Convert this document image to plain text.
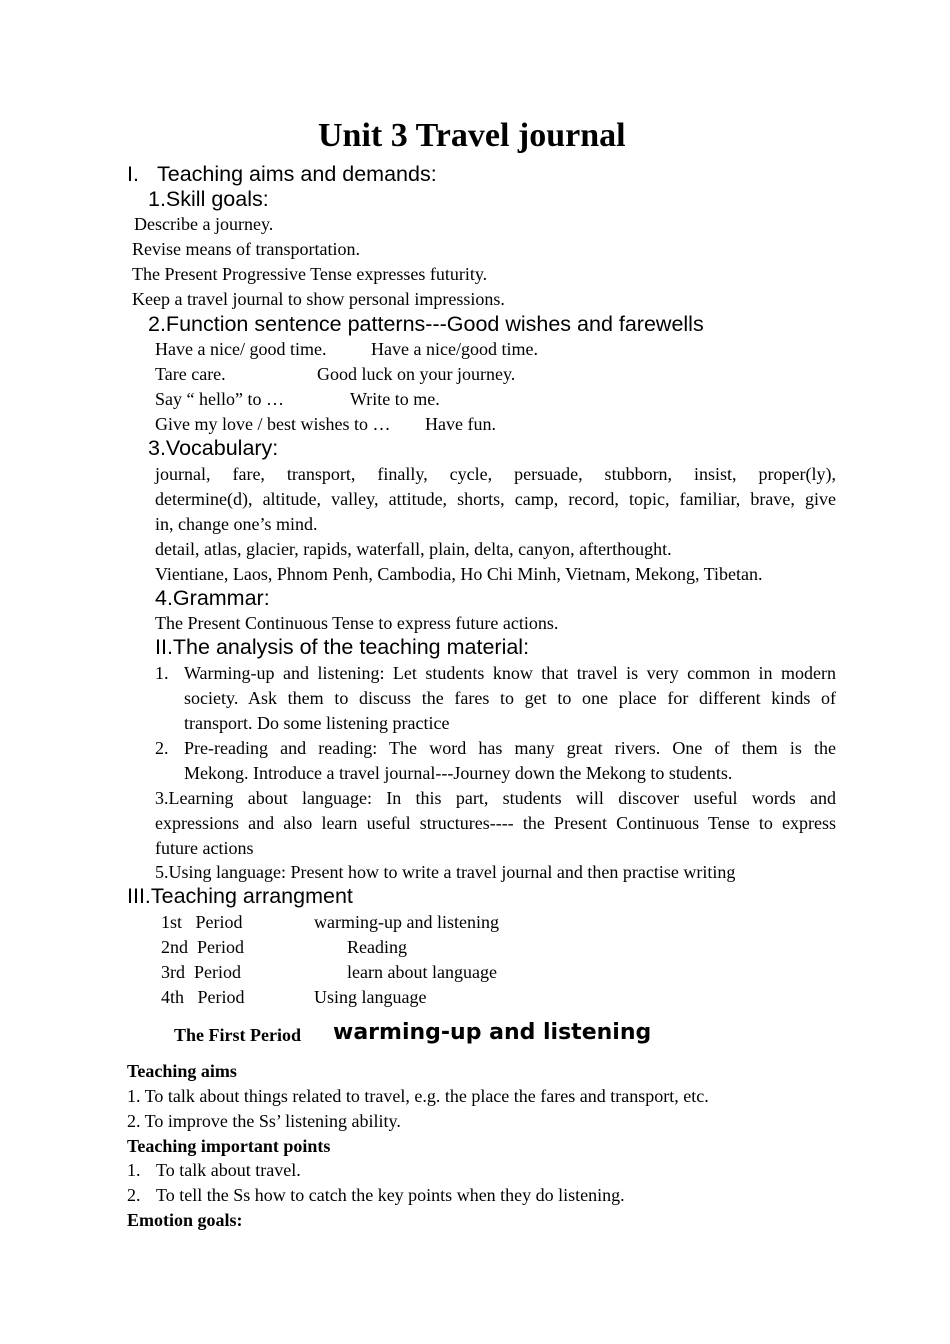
Unit 3 Travel journal
I. Teaching aims and demands:
1.Skill goals:
Describe a journey.
Revise means of transportation.
The Present Progressive Tense expresses futurity.
Keep a travel journal to show personal impressions.
2.Function sentence patterns---Good wishes and farewells
Have a nice/ good time. Have a nice/good time.
Tare care.	Good luck on your journey.
Say “ hello” to …	Write to me.
Give my love / best wishes to … Have fun.
3.Vocabulary:
journal, fare, transport, finally, cycle, persuade, stubborn, insist, proper(ly),
determine(d), altitude, valley, attitude, shorts, camp, record, topic, familiar, brave, give
in, change one’s mind.
detail, atlas, glacier, rapids, waterfall, plain, delta, canyon, afterthought.
Vientiane, Laos, Phnom Penh, Cambodia, Ho Chi Minh, Vietnam, Mekong, Tibetan.
4.Grammar:
The Present Continuous Tense to express future actions.
II.The analysis of the teaching material:
1. Warming-up and listening: Let students know that travel is very common in modern
society. Ask them to discuss the fares to get to one place for different kinds of
transport. Do some listening practice
2. Pre-reading and reading: The word has many great rivers. One of them is the
Mekong. Introduce a travel journal---Journey down the Mekong to students.
3.Learning about language: In this part, students will discover useful words and
expressions and also learn useful structures---- the Present Continuous Tense to express
future actions
5.Using language: Present how to write a travel journal and then practise writing
III.Teaching arrangment
1st   Period	warming-up and listening
2nd  Period	Reading
3rd  Period	learn about language
4th   Period	Using language
The First Period warming-up and listening
Teaching aims
1. To talk about things related to travel, e.g. the place the fares and transport, etc.
2. To improve the Ss’ listening ability.
Teaching important points
1. To talk about travel.
2. To tell the Ss how to catch the key points when they do listening.
Emotion goals:
